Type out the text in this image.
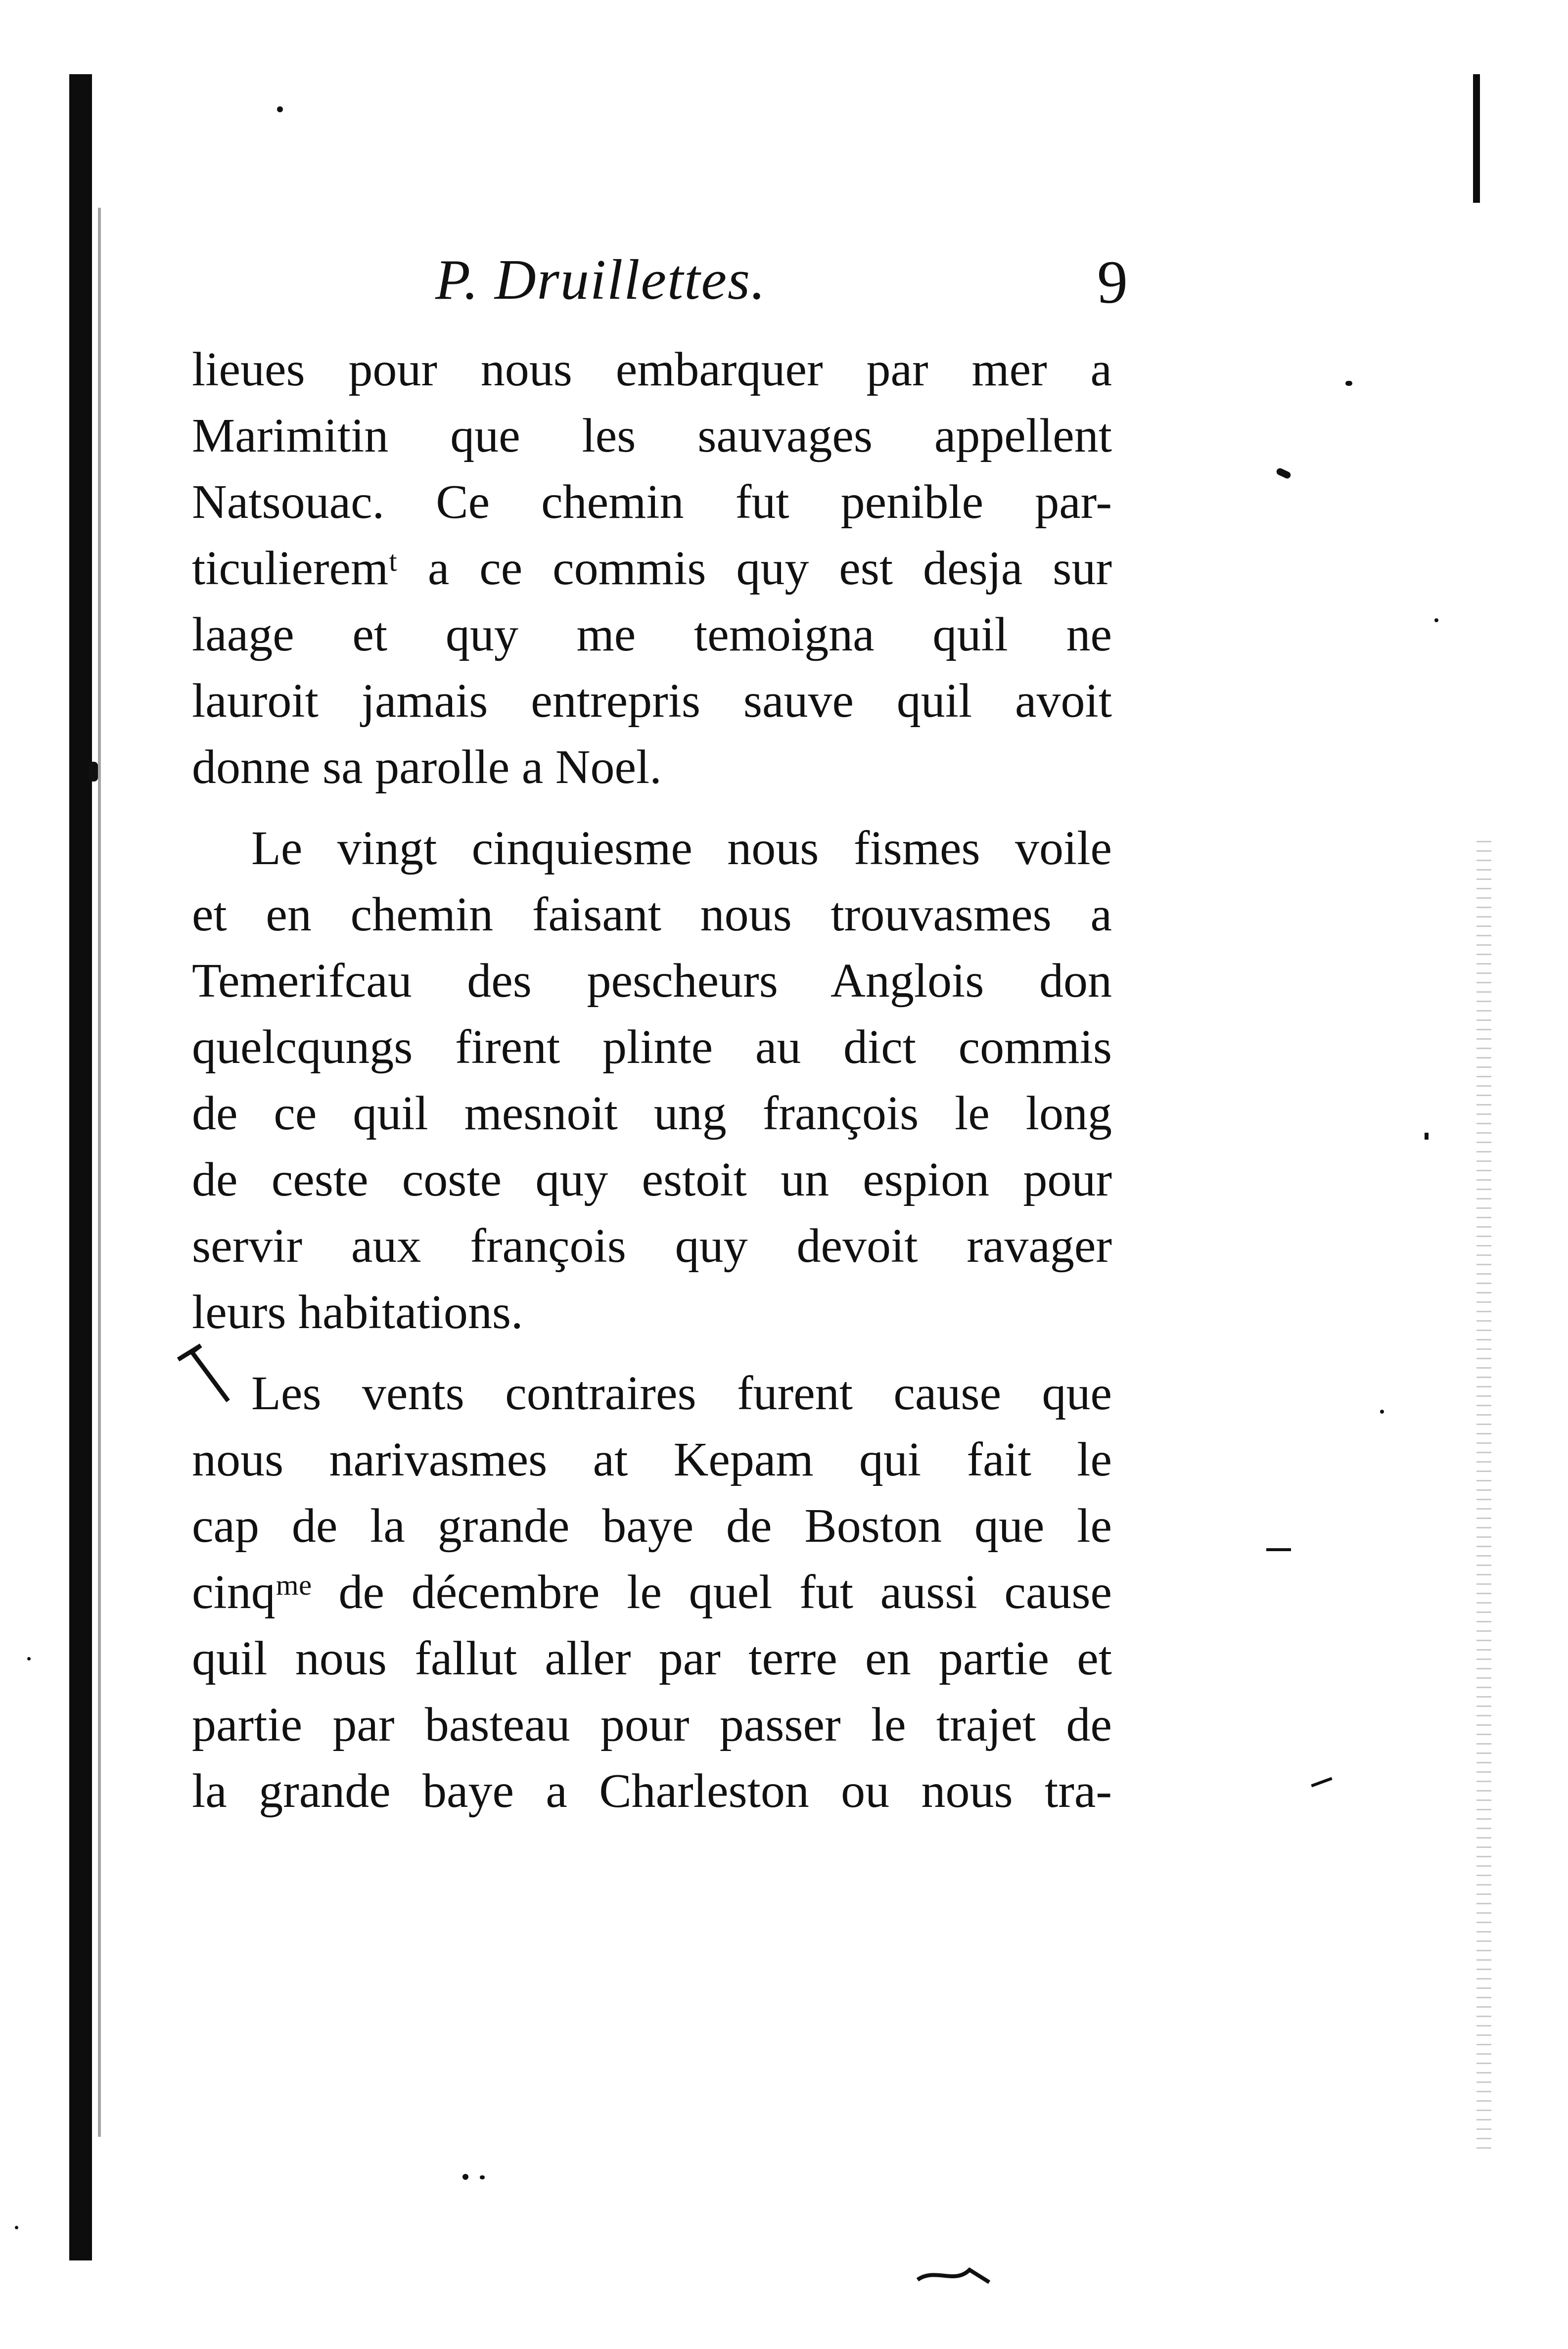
P. Druillettes.	9
lieues pour nous embarquer par mer a
Marimitin que les sauvages appellent
Natsouac. Ce chemin fut penible par-
ticulieremᵗ a ce commis quy est desja sur
laage et quy me temoigna quil ne
lauroit jamais entrepris sauve quil avoit
donne sa parolle a Noel.
Le vingt cinquiesme nous fismes voile
et en chemin faisant nous trouvasmes a
Temerifcau des pescheurs Anglois don
quelcqungs firent plinte au dict commis
de ce quil mesnoit ung françois le long
de ceste coste quy estoit un espion pour
servir aux françois quy devoit ravager
leurs habitations.
Les vents contraires furent cause que
nous narivasmes at Kepam qui fait le
cap de la grande baye de Boston que le
cinqᵐᵉ de décembre le quel fut aussi cause
quil nous fallut aller par terre en partie et
partie par basteau pour passer le trajet de
la grande baye a Charleston ou nous tra-
